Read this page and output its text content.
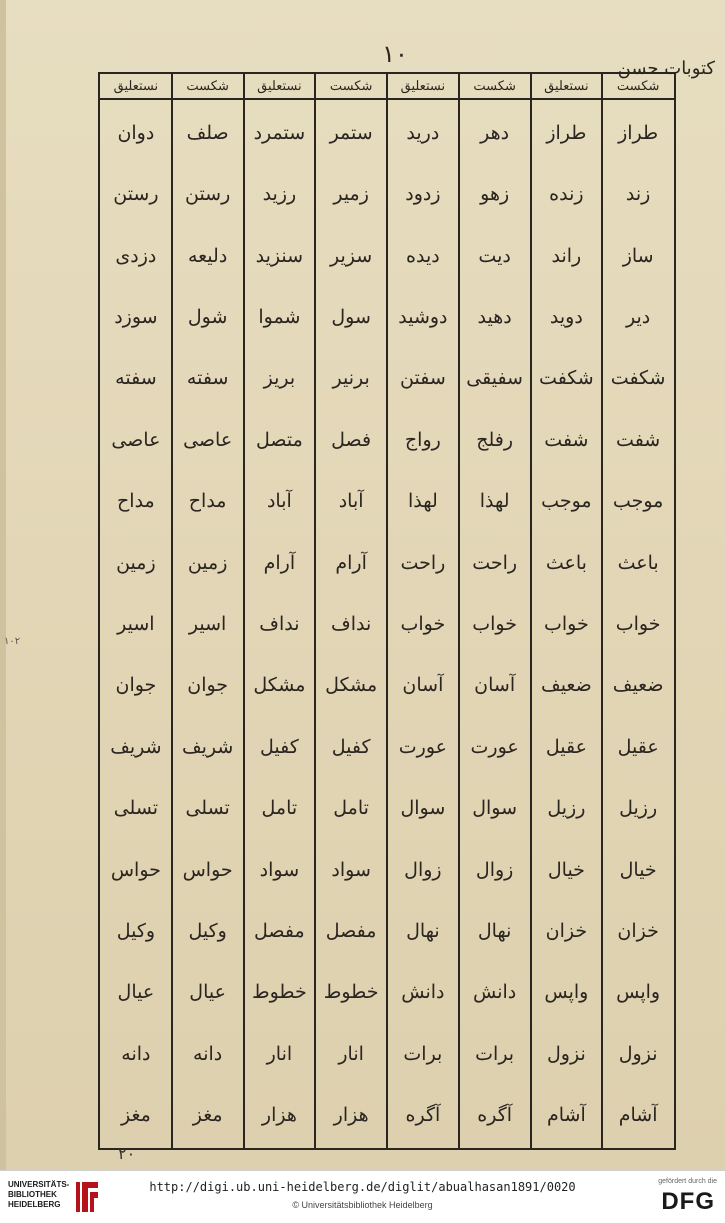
۱۰
کتوبات حسن
شکست
نستعلیق
شکست
نستعلیق
شکست
نستعلیق
شکست
نستعلیق
طراز
طراز
دهر
درید
ستمر
ستمرد
صلف
دوان
زند
زنده
زهو
زدود
زمیر
رزید
رستن
رستن
ساز
راند
دیت
دیده
سزیر
سنزید
دلیعه
دزدی
دیر
دوید
دهید
دوشید
سول
شموا
شول
سوزد
شکفت
شکفت
سفیقی
سفتن
برنیر
بریز
سفته
سفته
شفت
شفت
رفلج
رواج
فصل
متصل
عاصی
عاصی
موجب
موجب
لهذا
لهذا
آباد
آباد
مداح
مداح
باعث
باعث
راحت
راحت
آرام
آرام
زمین
زمین
خواب
خواب
خواب
خواب
نداف
نداف
اسیر
اسیر
ضعیف
ضعیف
آسان
آسان
مشکل
مشکل
جوان
جوان
عقیل
عقیل
عورت
عورت
کفیل
کفیل
شریف
شریف
رزیل
رزیل
سوال
سوال
تامل
تامل
تسلی
تسلی
خیال
خیال
زوال
زوال
سواد
سواد
حواس
حواس
خزان
خزان
نهال
نهال
مفصل
مفصل
وکیل
وکیل
واپس
واپس
دانش
دانش
خطوط
خطوط
عیال
عیال
نزول
نزول
برات
برات
انار
انار
دانه
دانه
آشام
آشام
آگره
آگره
هزار
هزار
مغز
مغز
۱۰۲
۲۰
UNIVERSITÄTS-
BIBLIOTHEK
HEIDELBERG
http://digi.ub.uni-heidelberg.de/diglit/abualhasan1891/0020
© Universitätsbibliothek Heidelberg
gefördert durch die
DFG
